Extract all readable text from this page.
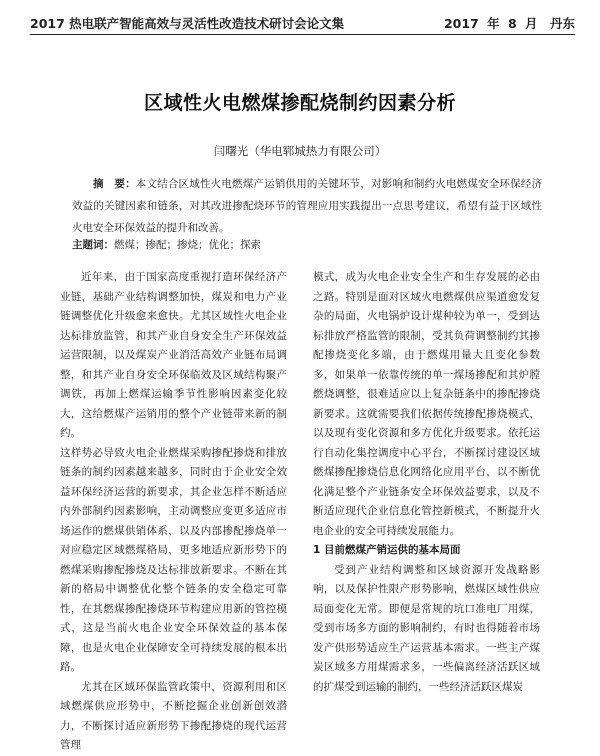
2017 热电联产智能高效与灵活性改造技术研讨会论文集	2017 年 8 月　丹东
区域性火电燃煤掺配烧制约因素分析
闫曙光（华电郓城热力有限公司）
摘　要：本文结合区域性火电燃煤产运销供用的关键环节，对影响和制约火电燃煤安全环保经济效益的关键因素和链条，对其改进掺配烧环节的管理应用实践提出一点思考建议，希望有益于区域性火电安全环保效益的提升和改善。
主题词：燃煤；掺配；掺烧；优化；探索

近年来，由于国家高度重视打造环保经济产业链，基础产业结构调整加快，煤炭和电力产业链调整优化升级愈来愈快。尤其区域性火电企业达标排放监管，和其产业自身安全生产环保效益运营限制，以及煤炭产业消活高效产业链布局调整，和其产业自身安全环保临效及区域结构聚产调铁，再加上燃煤运输季节性影响因素变化较大，这给燃煤产运销用的整个产业链带来新的制约。

这样势必导致火电企业燃煤采购掺配掺烧和排放链条的制约因素越来越多，同时由于企业安全效益环保经济运营的新要求，其企业怎样不断适应内外部制约因素影响，主动调整应变更多适应市场运作的燃煤供销体系，以及内部掺配掺烧单一对应稳定区域燃煤格局，更多地适应新形势下的燃煤采购掺配掺烧及达标排放新要求。不断在其新的格局中调整优化整个链条的安全稳定可靠性，在其燃煤掺配掺烧环节构建应用新的管控模式，这是当前火电企业安全环保效益的基本保障，也是火电企业保障安全可持续发展的根本出路。

尤其在区域环保监管政策中，资源利用和区域燃煤供应形势中，不断挖掘企业创新创效潜力，不断探讨适应新形势下掺配掺烧的现代运营管理

模式，成为火电企业安全生产和生存发展的必由之路。特别是面对区域火电燃煤供应渠道愈发复杂的局面，火电锅炉设计煤种较为单一，受到达标排放严格监管的限制，受其负荷调整制约其掺配掺烧变化多端，由于燃煤用量大且变化参数多，如果单一依靠传统的单一煤场掺配和其炉膛燃烧调整，很难适应以上复杂链条中的掺配掺烧新要求。这就需要我们依据传统掺配掺烧模式，以及现有变化资源和多方优化升级要求。依托运行自动化集控调度中心平台，不断探讨建设区域燃煤掺配掺烧信息化网络化应用平台，以不断优化满足整个产业链条安全环保效益要求，以及不断适应现代企业信息化管控新模式，不断提升火电企业的安全可持续发展能力。

1 目前燃煤产销运供的基本局面

受到产业结构调整和区域资源开发战略影响，以及保护性限产形势影响，燃煤区域性供应局面变化无常。即便是常规的坑口准电厂用煤，受到市场多方面的影响制约，有时也得随着市场发产供形势适应生产运营基本需求。一些主产煤炭区域多方用煤需求多，一些偏离经济活跃区域的扩煤受到运输的制约，一些经济活跃区煤炭
